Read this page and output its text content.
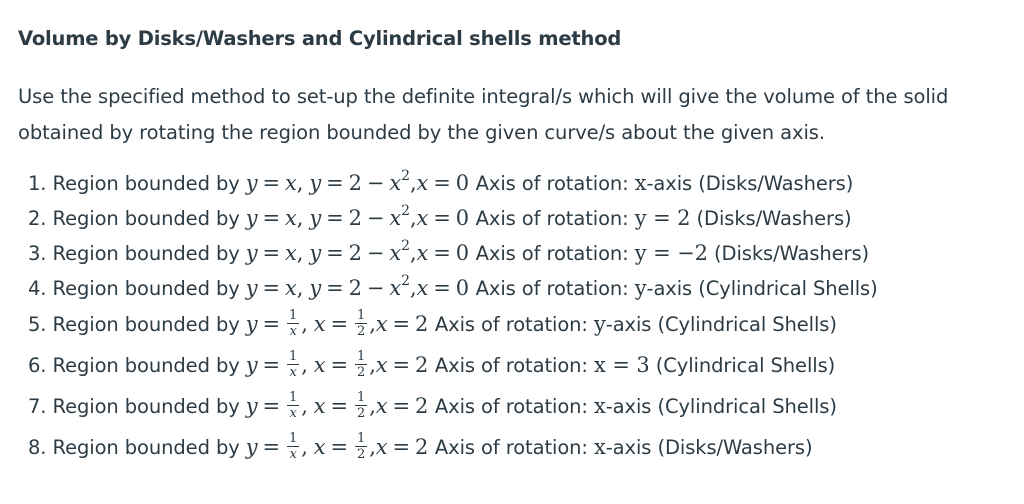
Volume by Disks/Washers and Cylindrical shells method
Use the specified method to set-up the definite integral/s which will give the volume of the solid obtained by rotating the region bounded by the given curve/s about the given axis.
1. Region bounded by y = x, $y = 2 - x^2,x = 0$ Axis of rotation: x-axis (Disks/Washers)
2. Region bounded by y = x, $y = 2 - x^2,x = 0$ Axis of rotation: y = 2 (Disks/Washers)
3. Region bounded by y = x, $y = 2 - x^2,x = 0$ Axis of rotation: y = −2 (Disks/Washers)
4. Region bounded by y = x, $y = 2 - x^2,x = 0$ Axis of rotation: y-axis (Cylindrical Shells)
5. Region bounded by $y = \frac{1}{x}$ , $x = \frac{1}{2} ,x = 2$ Axis of rotation: y-axis (Cylindrical Shells)
6. Region bounded by $y = \frac{1}{x}$ , $x = \frac{1}{2} ,x = 2$ Axis of rotation: x = 3 (Cylindrical Shells)
7. Region bounded by $y = \frac{1}{x}$ , $x = \frac{1}{2} ,x = 2$ Axis of rotation: x-axis (Cylindrical Shells)
8. Region bounded by $y = \frac{1}{x}$ , $x = \frac{1}{2} ,x = 2$ Axis of rotation: x-axis (Disks/Washers)
